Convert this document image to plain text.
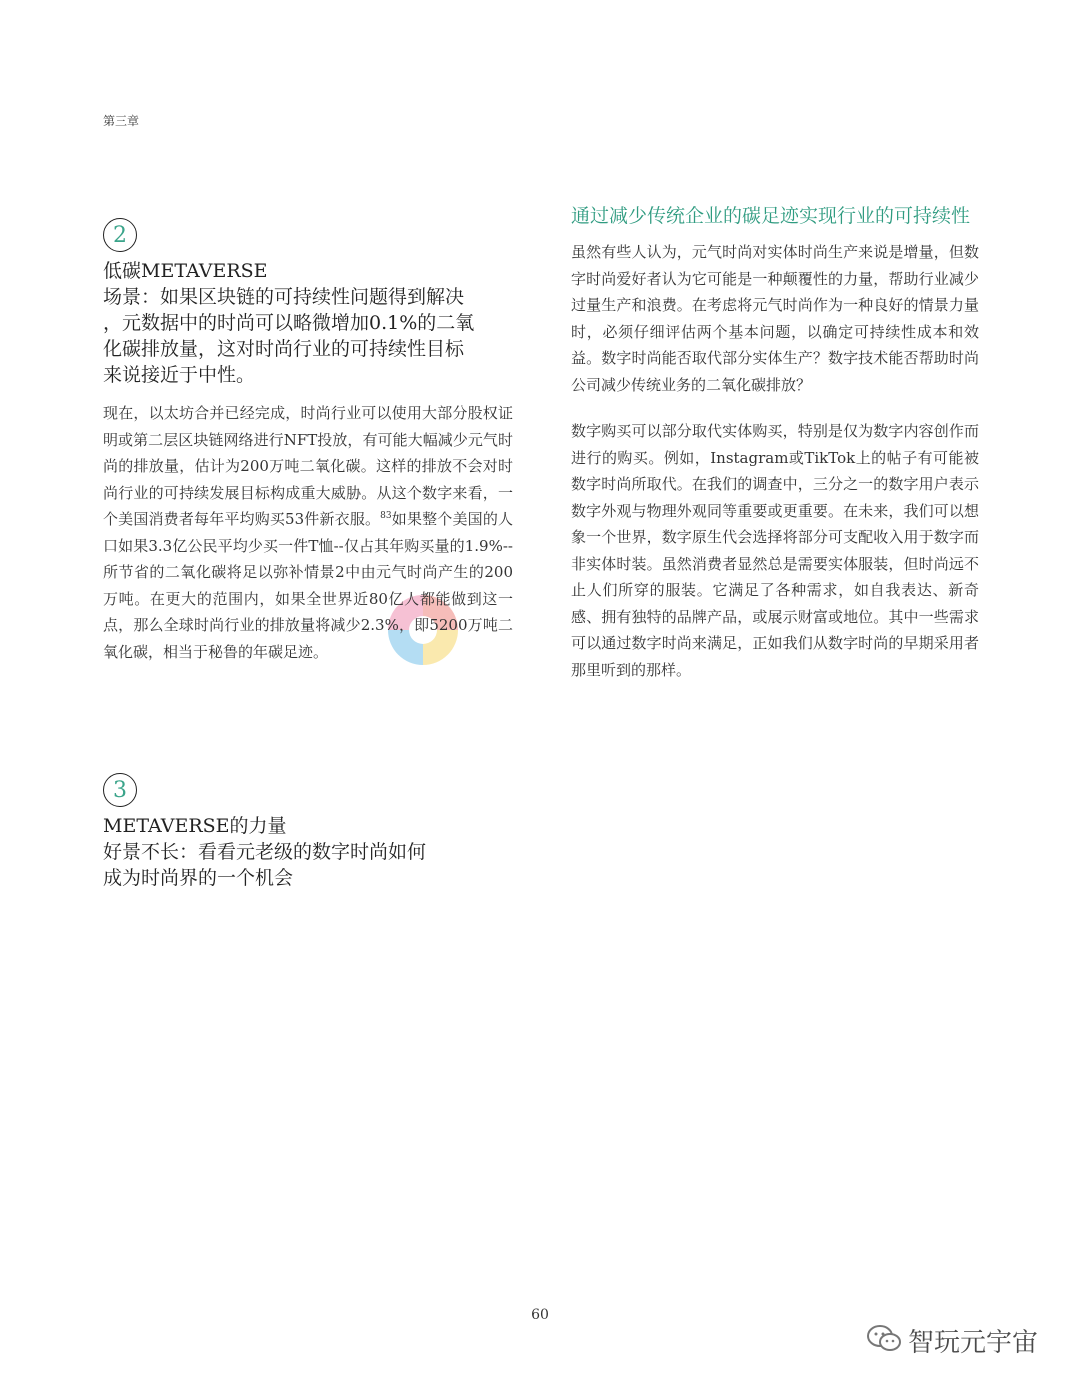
第三章
2
低碳METAVERSE
场景：如果区块链的可持续性问题得到解决
，元数据中的时尚可以略微增加0.1%的二氧
化碳排放量，这对时尚行业的可持续性目标
来说接近于中性。
现在，以太坊合并已经完成，时尚行业可以使用大部分股权证明或第二层区块链网络进行NFT投放，有可能大幅减少元气时尚的排放量，估计为200万吨二氧化碳。这样的排放不会对时尚行业的可持续发展目标构成重大威胁。从这个数字来看，一个美国消费者每年平均购买53件新衣服。$^{83}$如果整个美国的人口如果3.3亿公民平均少买一件T恤--仅占其年购买量的1.9%--所节省的二氧化碳将足以弥补情景2中由元气时尚产生的200万吨。在更大的范围内，如果全世界近80亿人都能做到这一点，那么全球时尚行业的排放量将减少2.3%，即5200万吨二氧化碳，相当于秘鲁的年碳足迹。
3
METAVERSE的力量
好景不长：看看元老级的数字时尚如何
成为时尚界的一个机会
通过减少传统企业的碳足迹实现行业的可持续性
虽然有些人认为，元气时尚对实体时尚生产来说是增量，但数字时尚爱好者认为它可能是一种颠覆性的力量，帮助行业减少过量生产和浪费。在考虑将元气时尚作为一种良好的情景力量时，必须仔细评估两个基本问题，以确定可持续性成本和效益。数字时尚能否取代部分实体生产？数字技术能否帮助时尚公司减少传统业务的二氧化碳排放？
数字购买可以部分取代实体购买，特别是仅为数字内容创作而进行的购买。例如，Instagram或TikTok上的帖子有可能被数字时尚所取代。在我们的调查中，三分之一的数字用户表示数字外观与物理外观同等重要或更重要。在未来，我们可以想象一个世界，数字原生代会选择将部分可支配收入用于数字而非实体时装。虽然消费者显然总是需要实体服装，但时尚远不止人们所穿的服装。它满足了各种需求，如自我表达、新奇感、拥有独特的品牌产品，或展示财富或地位。其中一些需求可以通过数字时尚来满足，正如我们从数字时尚的早期采用者那里听到的那样。
60
智玩元宇宙
